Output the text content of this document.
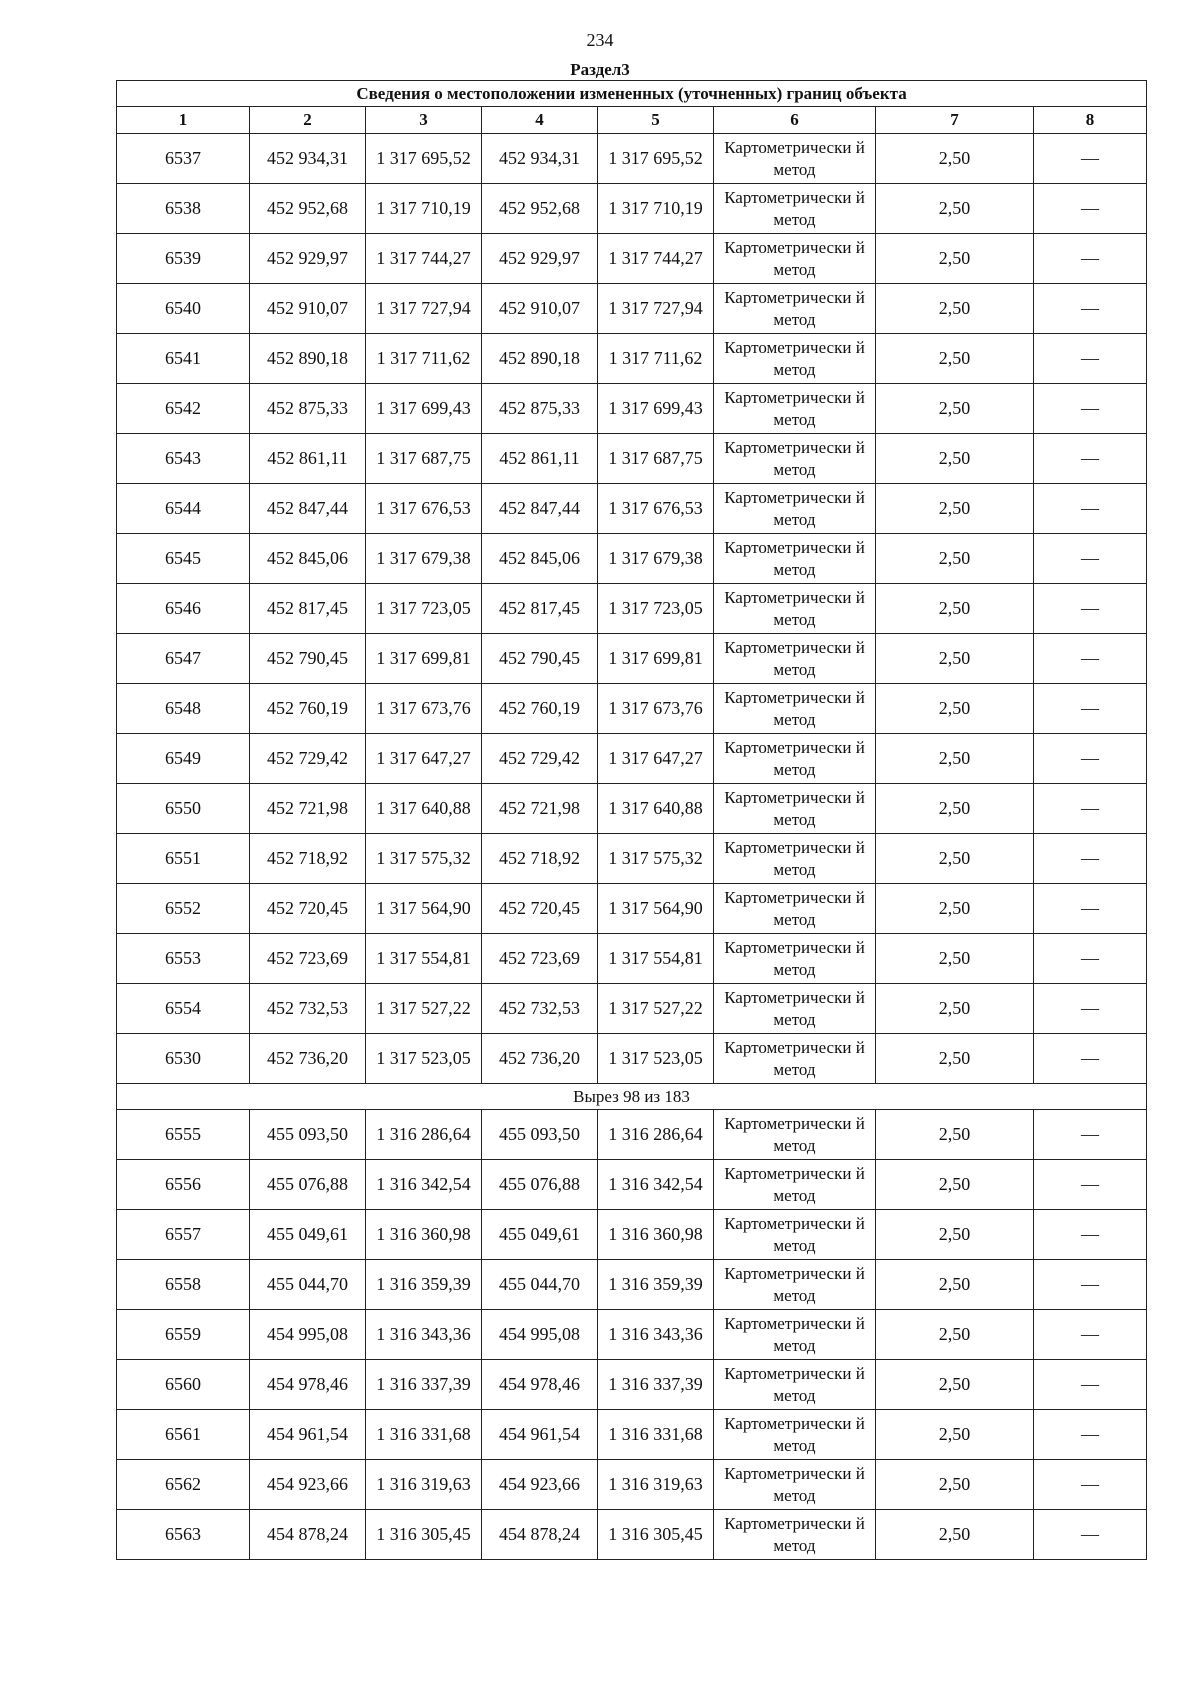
234
Раздел3
Сведения о местоположении измененных (уточненных) границ объекта							
1	2	3	4	5	6	7	8
6537	452 934,31	1 317 695,52	452 934,31	1 317 695,52	Картометрически й метод	2,50	—
6538	452 952,68	1 317 710,19	452 952,68	1 317 710,19	Картометрически й метод	2,50	—
6539	452 929,97	1 317 744,27	452 929,97	1 317 744,27	Картометрически й метод	2,50	—
6540	452 910,07	1 317 727,94	452 910,07	1 317 727,94	Картометрически й метод	2,50	—
6541	452 890,18	1 317 711,62	452 890,18	1 317 711,62	Картометрически й метод	2,50	—
6542	452 875,33	1 317 699,43	452 875,33	1 317 699,43	Картометрически й метод	2,50	—
6543	452 861,11	1 317 687,75	452 861,11	1 317 687,75	Картометрически й метод	2,50	—
6544	452 847,44	1 317 676,53	452 847,44	1 317 676,53	Картометрически й метод	2,50	—
6545	452 845,06	1 317 679,38	452 845,06	1 317 679,38	Картометрически й метод	2,50	—
6546	452 817,45	1 317 723,05	452 817,45	1 317 723,05	Картометрически й метод	2,50	—
6547	452 790,45	1 317 699,81	452 790,45	1 317 699,81	Картометрически й метод	2,50	—
6548	452 760,19	1 317 673,76	452 760,19	1 317 673,76	Картометрически й метод	2,50	—
6549	452 729,42	1 317 647,27	452 729,42	1 317 647,27	Картометрически й метод	2,50	—
6550	452 721,98	1 317 640,88	452 721,98	1 317 640,88	Картометрически й метод	2,50	—
6551	452 718,92	1 317 575,32	452 718,92	1 317 575,32	Картометрически й метод	2,50	—
6552	452 720,45	1 317 564,90	452 720,45	1 317 564,90	Картометрически й метод	2,50	—
6553	452 723,69	1 317 554,81	452 723,69	1 317 554,81	Картометрически й метод	2,50	—
6554	452 732,53	1 317 527,22	452 732,53	1 317 527,22	Картометрически й метод	2,50	—
6530	452 736,20	1 317 523,05	452 736,20	1 317 523,05	Картометрически й метод	2,50	—
Вырез 98 из 183							
6555	455 093,50	1 316 286,64	455 093,50	1 316 286,64	Картометрически й метод	2,50	—
6556	455 076,88	1 316 342,54	455 076,88	1 316 342,54	Картометрически й метод	2,50	—
6557	455 049,61	1 316 360,98	455 049,61	1 316 360,98	Картометрически й метод	2,50	—
6558	455 044,70	1 316 359,39	455 044,70	1 316 359,39	Картометрически й метод	2,50	—
6559	454 995,08	1 316 343,36	454 995,08	1 316 343,36	Картометрически й метод	2,50	—
6560	454 978,46	1 316 337,39	454 978,46	1 316 337,39	Картометрически й метод	2,50	—
6561	454 961,54	1 316 331,68	454 961,54	1 316 331,68	Картометрически й метод	2,50	—
6562	454 923,66	1 316 319,63	454 923,66	1 316 319,63	Картометрически й метод	2,50	—
6563	454 878,24	1 316 305,45	454 878,24	1 316 305,45	Картометрически й метод	2,50	—
